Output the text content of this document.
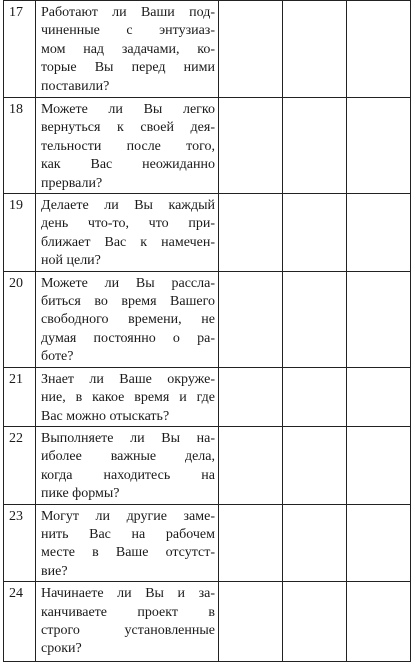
17	Работают ли Ваши под-
чиненные с энтузиаз-
мом над задачами, ко-
торые Вы перед ними
поставили?			

18	Можете ли Вы легко
вернуться к своей дея-
тельности после того,
как Вас неожиданно
прервали?			

19	Делаете ли Вы каждый
день что-то, что при-
ближает Вас к намечен-
ной цели?			

20	Можете ли Вы рассла-
биться во время Вашего
свободного времени, не
думая постоянно о ра-
боте?			

21	Знает ли Ваше окруже-
ние, в какое время и где
Вас можно отыскать?			

22	Выполняете ли Вы на-
иболее важные дела,
когда находитесь на
пике формы?			

23	Могут ли другие заме-
нить Вас на рабочем
месте в Ваше отсутст-
вие?			

24	Начинаете ли Вы и за-
канчиваете проект в
строго установленные
сроки?			
